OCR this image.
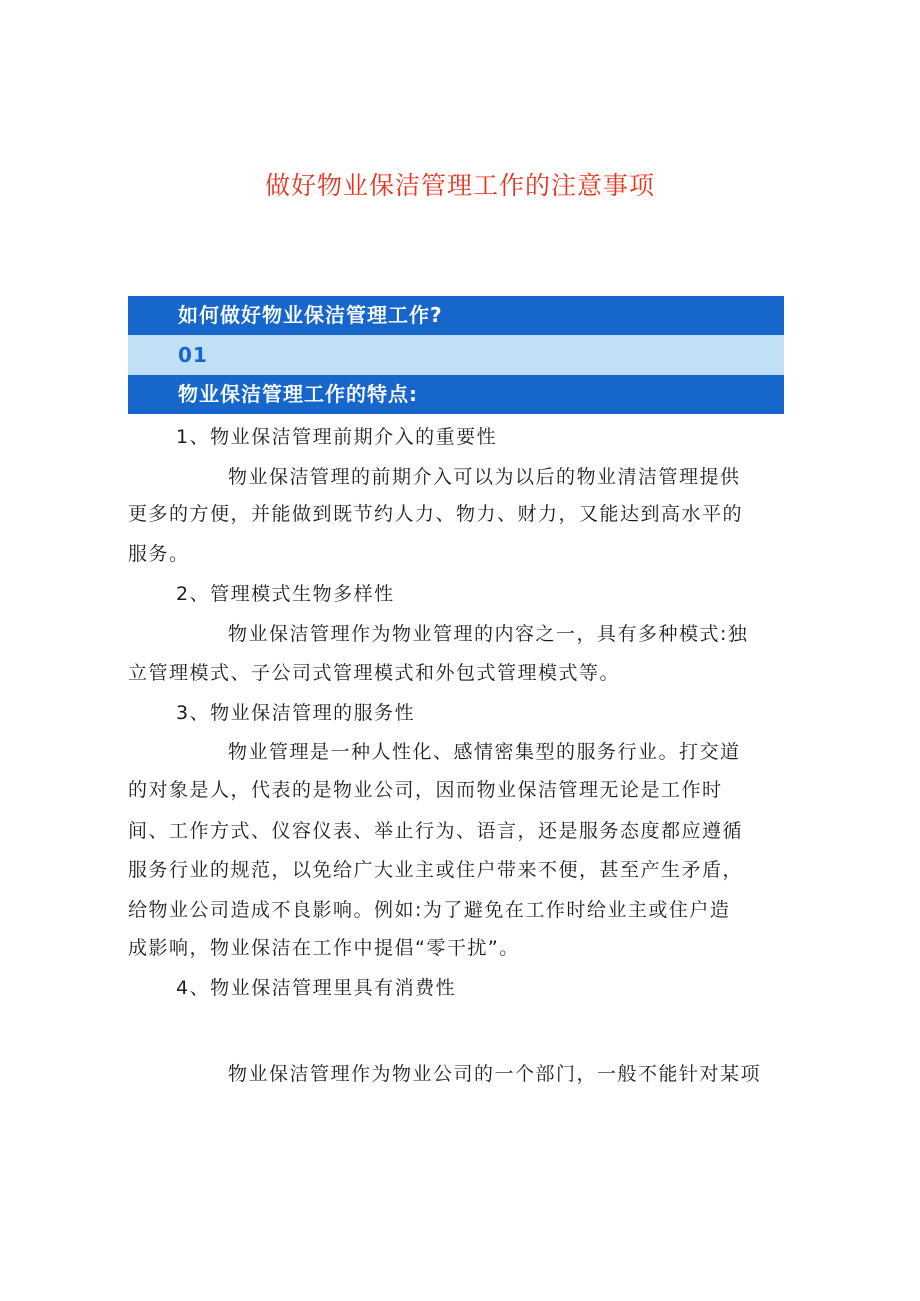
做好物业保洁管理工作的注意事项
如何做好物业保洁管理工作?
01
物业保洁管理工作的特点:
1、物业保洁管理前期介入的重要性
物业保洁管理的前期介入可以为以后的物业清洁管理提供
更多的方便，并能做到既节约人力、物力、财力，又能达到高水平的
服务。
2、管理模式生物多样性
物业保洁管理作为物业管理的内容之一，具有多种模式:独
立管理模式、子公司式管理模式和外包式管理模式等。
3、物业保洁管理的服务性
物业管理是一种人性化、感情密集型的服务行业。打交道
的对象是人，代表的是物业公司，因而物业保洁管理无论是工作时
间、工作方式、仪容仪表、举止行为、语言，还是服务态度都应遵循
服务行业的规范，以免给广大业主或住户带来不便，甚至产生矛盾，
给物业公司造成不良影响。例如:为了避免在工作时给业主或住户造
成影响，物业保洁在工作中提倡“零干扰”。
4、物业保洁管理里具有消费性
物业保洁管理作为物业公司的一个部门，一般不能针对某项
